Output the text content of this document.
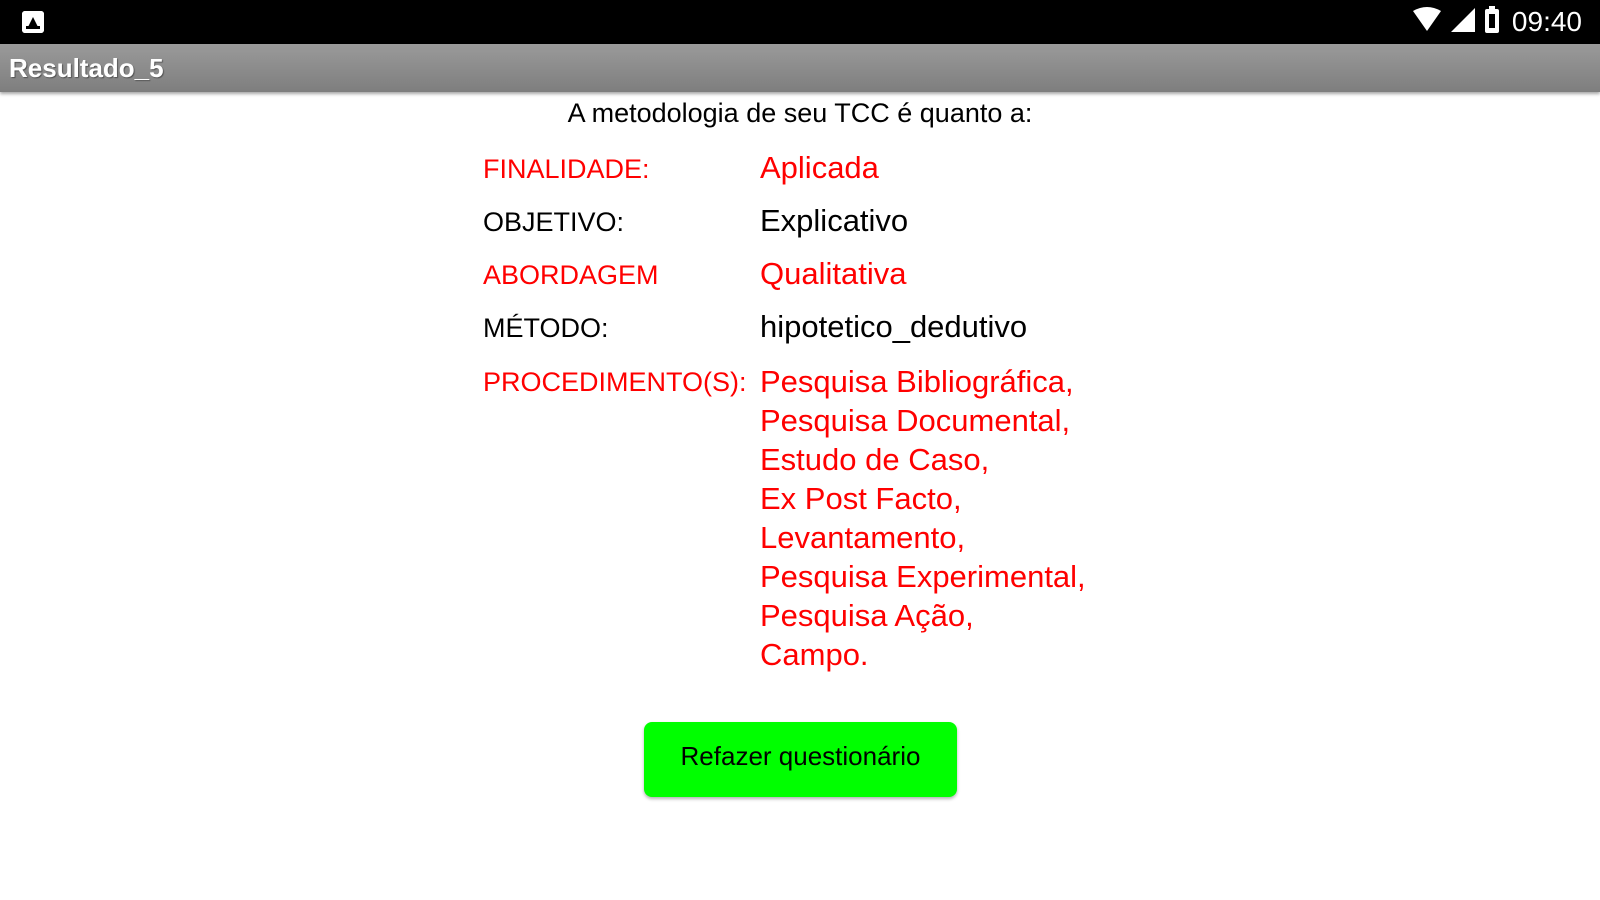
09:40
Resultado_5
A metodologia de seu TCC é quanto a:
FINALIDADE:	Aplicada
OBJETIVO:	Explicativo
ABORDAGEM	Qualitativa
MÉTODO:	hipotetico_dedutivo
PROCEDIMENTO(S): Pesquisa Bibliográfica,
Pesquisa Documental,
Estudo de Caso,
Ex Post Facto,
Levantamento,
Pesquisa Experimental,
Pesquisa Ação,
Campo.
Refazer questionário
